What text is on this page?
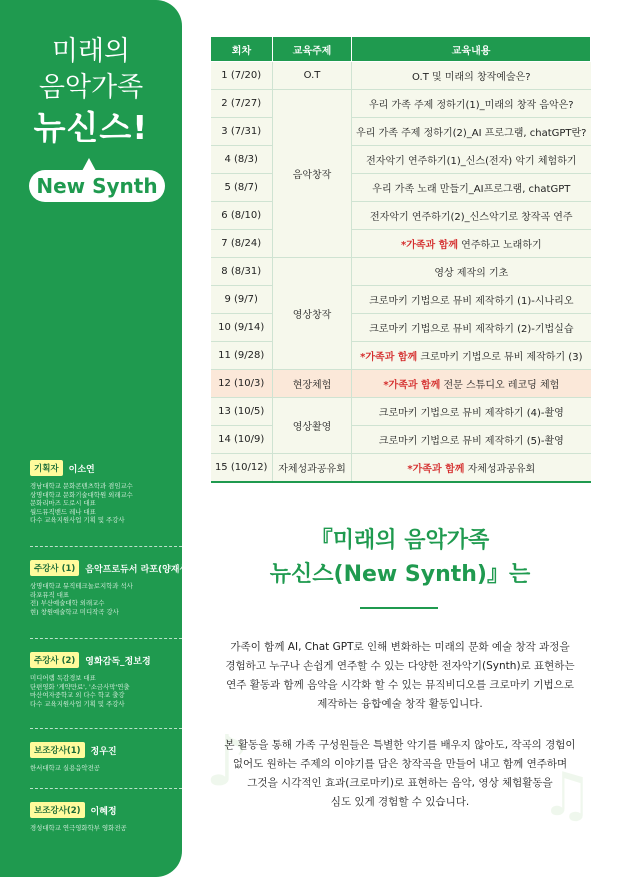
미래의
음악가족
뉴신스!
New Synth
기획자	이소연
경남대학교 문화콘텐츠학과 겸임교수
상명대학교 문화기술대학원 외래교수
문화리마즈 도로시 대표
월드뮤직밴드 레나 대표
다수 교육지원사업 기획 및 주강사
주강사 (1)	음악프로듀서 라포(양재성)
상명대학교 뮤직테크놀로지학과 석사
라포뮤직 대표
전) 부산예술대학 외래교수
현) 창원예술학교 미디작곡 강사
주강사 (2)	영화감독_정보경
미디어랩 독감경보 대표
단편영화 '게약만료', '소금사막'연출
마산여자중학교 외 다수 학교 출강
다수 교육지원사업 기획 및 주강사
보조강사(1)	정우진
한서대학교 실용음악전공
보조강사(2)	이혜정
경성대학교 연극영화학부 영화전공
회차	교육주제	교육내용
1 (7/20)	O.T	O.T 및 미래의 창작예술은?
2 (7/27)	음악창작	우리 가족 주제 정하기(1)_미래의 창작 음악은?
3 (7/31)		우리 가족 주제 정하기(2)_AI 프로그램, chatGPT란?
4 (8/3)		전자악기 연주하기(1)_신스(전자) 악기 체험하기
5 (8/7)		우리 가족 노래 만들기_AI프로그램, chatGPT
6 (8/10)		전자악기 연주하기(2)_신스악기로 창작곡 연주
7 (8/24)		*가족과 함께 연주하고 노래하기
8 (8/31)	영상창작	영상 제작의 기초
9 (9/7)		크로마키 기법으로 뮤비 제작하기 (1)-시나리오
10 (9/14)		크로마키 기법으로 뮤비 제작하기 (2)-기법실습
11 (9/28)		*가족과 함께 크로마키 기법으로 뮤비 제작하기 (3)
12 (10/3)	현장체험	*가족과 함께 전문 스튜디오 레코딩 체험
13 (10/5)	영상촬영	크로마키 기법으로 뮤비 제작하기 (4)-촬영
14 (10/9)		크로마키 기법으로 뮤비 제작하기 (5)-촬영
15 (10/12)	자체성과공유회	*가족과 함께 자체성과공유회
♪	♫
『미래의 음악가족
뉴신스(New Synth)』는
가족이 함께 AI, Chat GPT로 인해 변화하는 미래의 문화 예술 창작 과정을
경험하고 누구나 손쉽게 연주할 수 있는 다양한 전자악기(Synth)로 표현하는
연주 활동과 함께 음악을 시각화 할 수 있는 뮤직비디오를 크로마키 기법으로
제작하는 융합예술 창작 활동입니다.
본 활동을 통해 가족 구성원들은 특별한 악기를 배우지 않아도, 작곡의 경험이
없어도 원하는 주제의 이야기를 담은 창작곡을 만들어 내고 함께 연주하며
그것을 시각적인 효과(크로마키)로 표현하는 음악, 영상 체험활동을
심도 있게 경험할 수 있습니다.
